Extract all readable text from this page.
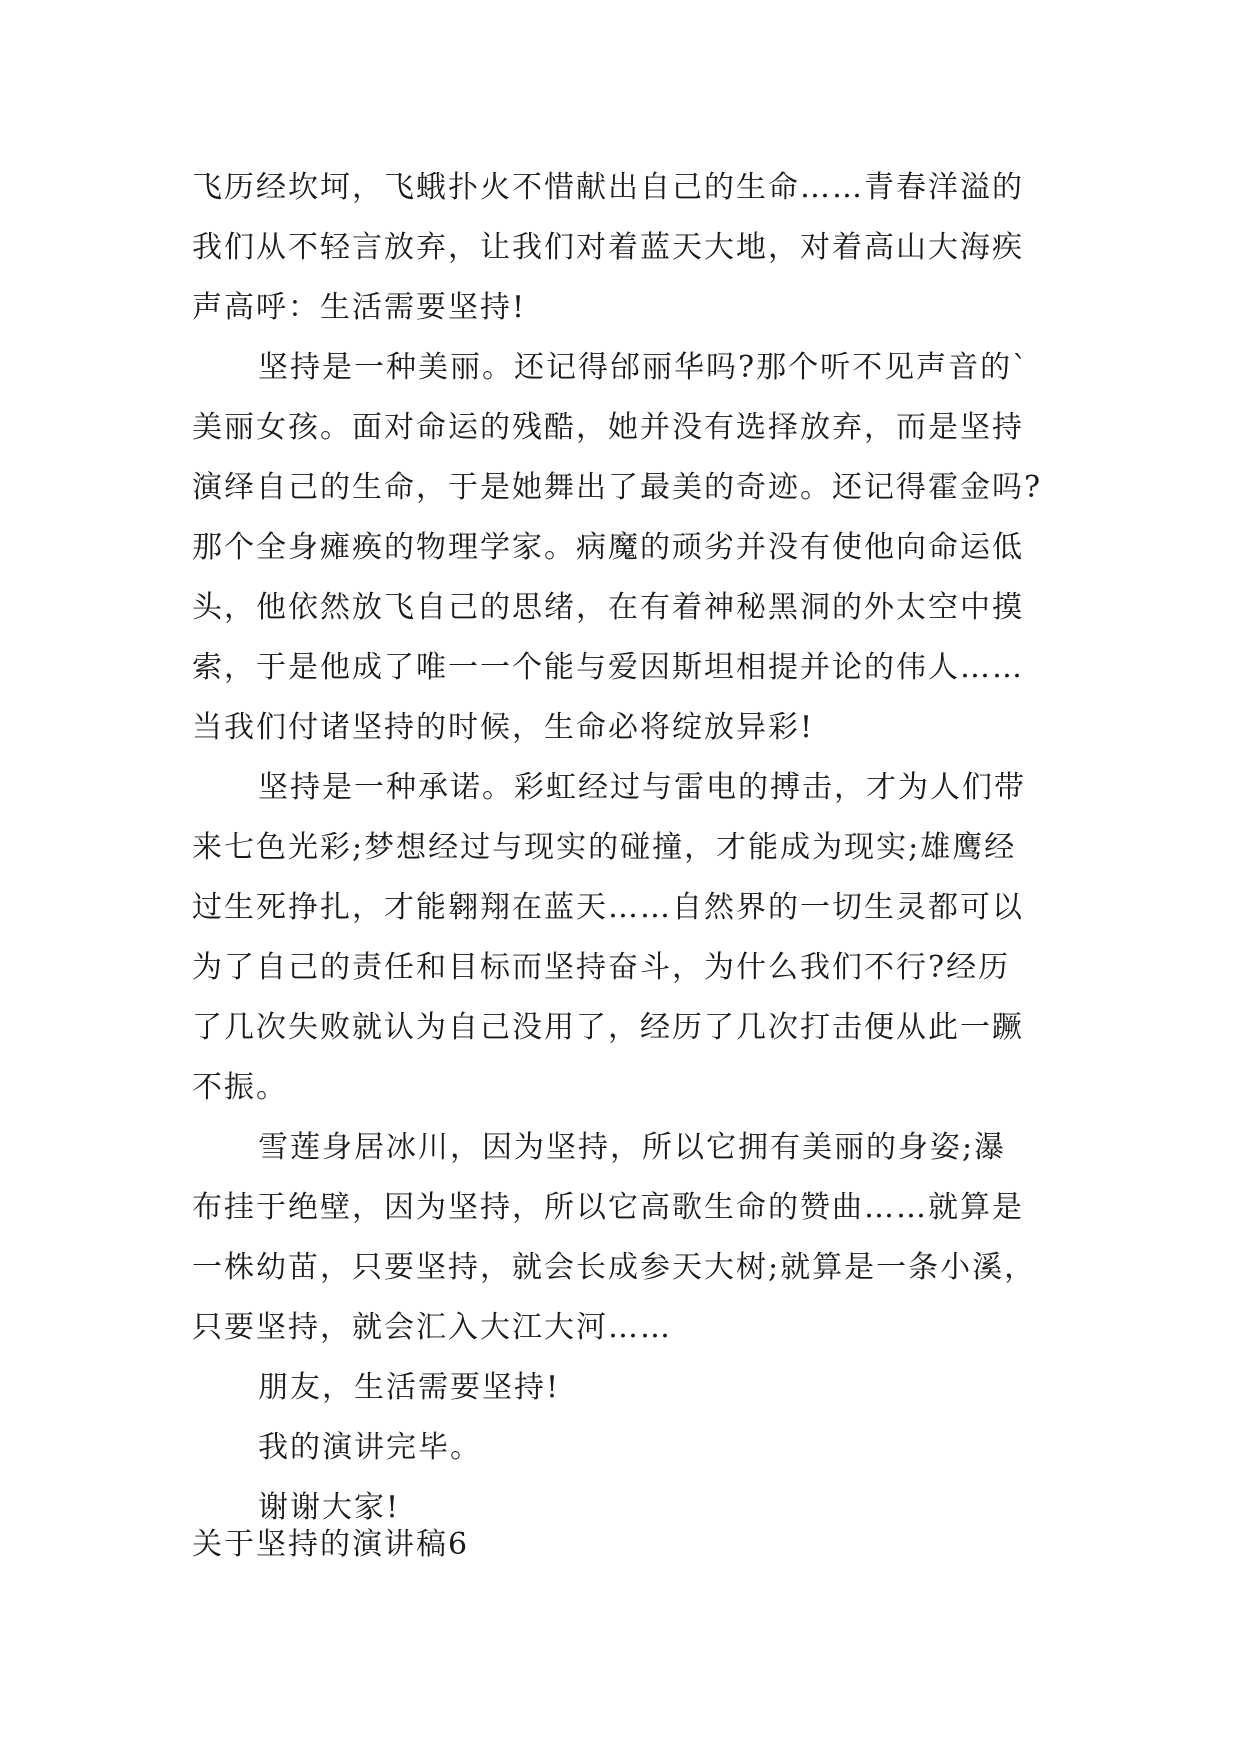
飞历经坎坷，飞蛾扑火不惜献出自己的生命……青春洋溢的
我们从不轻言放弃，让我们对着蓝天大地，对着高山大海疾
声高呼：生活需要坚持!
坚持是一种美丽。还记得邰丽华吗?那个听不见声音的`
美丽女孩。面对命运的残酷，她并没有选择放弃，而是坚持
演绎自己的生命，于是她舞出了最美的奇迹。还记得霍金吗?
那个全身瘫痪的物理学家。病魔的顽劣并没有使他向命运低
头，他依然放飞自己的思绪，在有着神秘黑洞的外太空中摸
索，于是他成了唯一一个能与爱因斯坦相提并论的伟人……
当我们付诸坚持的时候，生命必将绽放异彩!
坚持是一种承诺。彩虹经过与雷电的搏击，才为人们带
来七色光彩;梦想经过与现实的碰撞，才能成为现实;雄鹰经
过生死挣扎，才能翱翔在蓝天……自然界的一切生灵都可以
为了自己的责任和目标而坚持奋斗，为什么我们不行?经历
了几次失败就认为自己没用了，经历了几次打击便从此一蹶
不振。
雪莲身居冰川，因为坚持，所以它拥有美丽的身姿;瀑
布挂于绝壁，因为坚持，所以它高歌生命的赞曲……就算是
一株幼苗，只要坚持，就会长成参天大树;就算是一条小溪，
只要坚持，就会汇入大江大河……
朋友，生活需要坚持!
我的演讲完毕。
谢谢大家!
关于坚持的演讲稿6
